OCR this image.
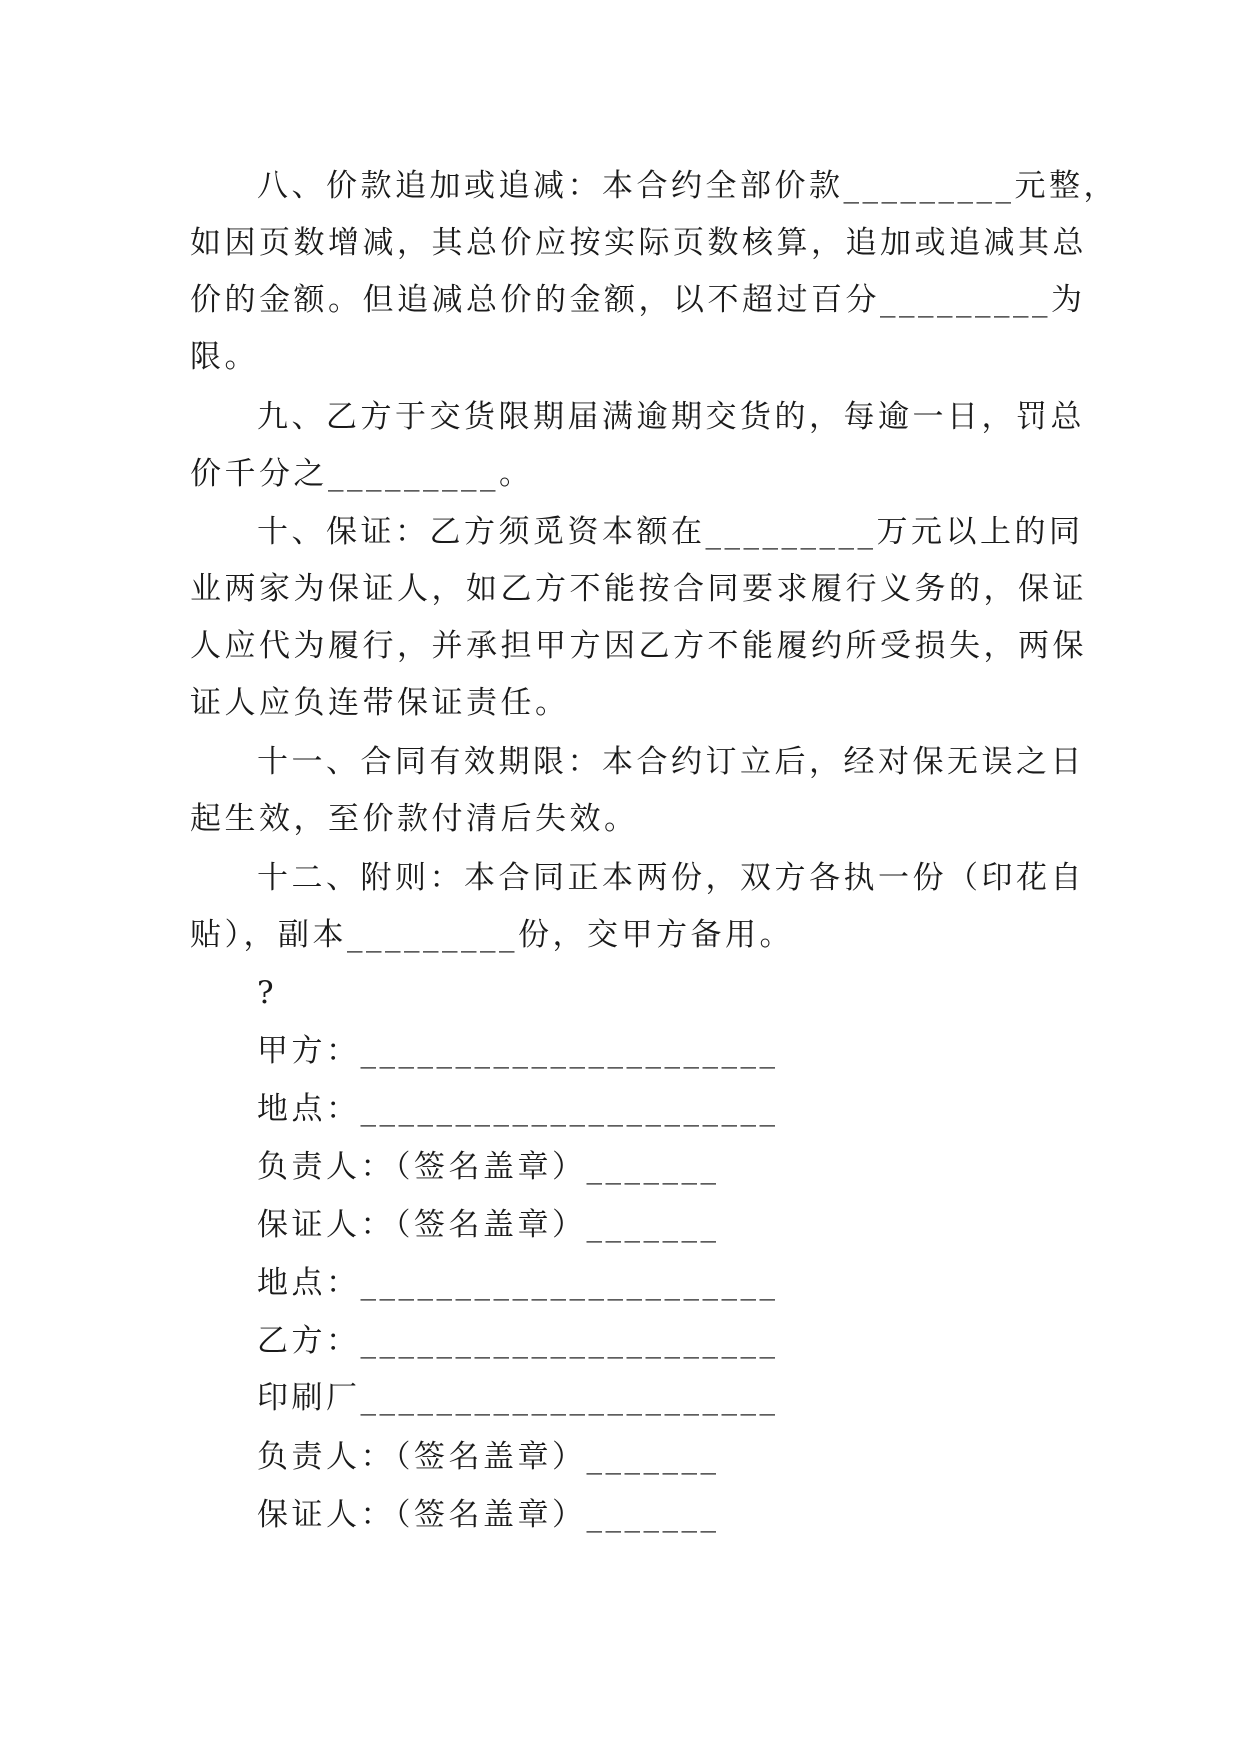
八、价款追加或追减：本合约全部价款_________元整，
如因页数增减，其总价应按实际页数核算，追加或追减其总
价的金额。但追减总价的金额，以不超过百分_________为
限。
九、乙方于交货限期届满逾期交货的，每逾一日，罚总
价千分之_________。
十、保证：乙方须觅资本额在_________万元以上的同
业两家为保证人，如乙方不能按合同要求履行义务的，保证
人应代为履行，并承担甲方因乙方不能履约所受损失，两保
证人应负连带保证责任。
十一、合同有效期限：本合约订立后，经对保无误之日
起生效，至价款付清后失效。
十二、附则：本合同正本两份，双方各执一份（印花自
贴），副本_________份，交甲方备用。
?
甲方：______________________
地点：______________________
负责人：（签名盖章）_______
保证人：（签名盖章）_______
地点：______________________
乙方：______________________
印刷厂______________________
负责人：（签名盖章）_______
保证人：（签名盖章）_______
